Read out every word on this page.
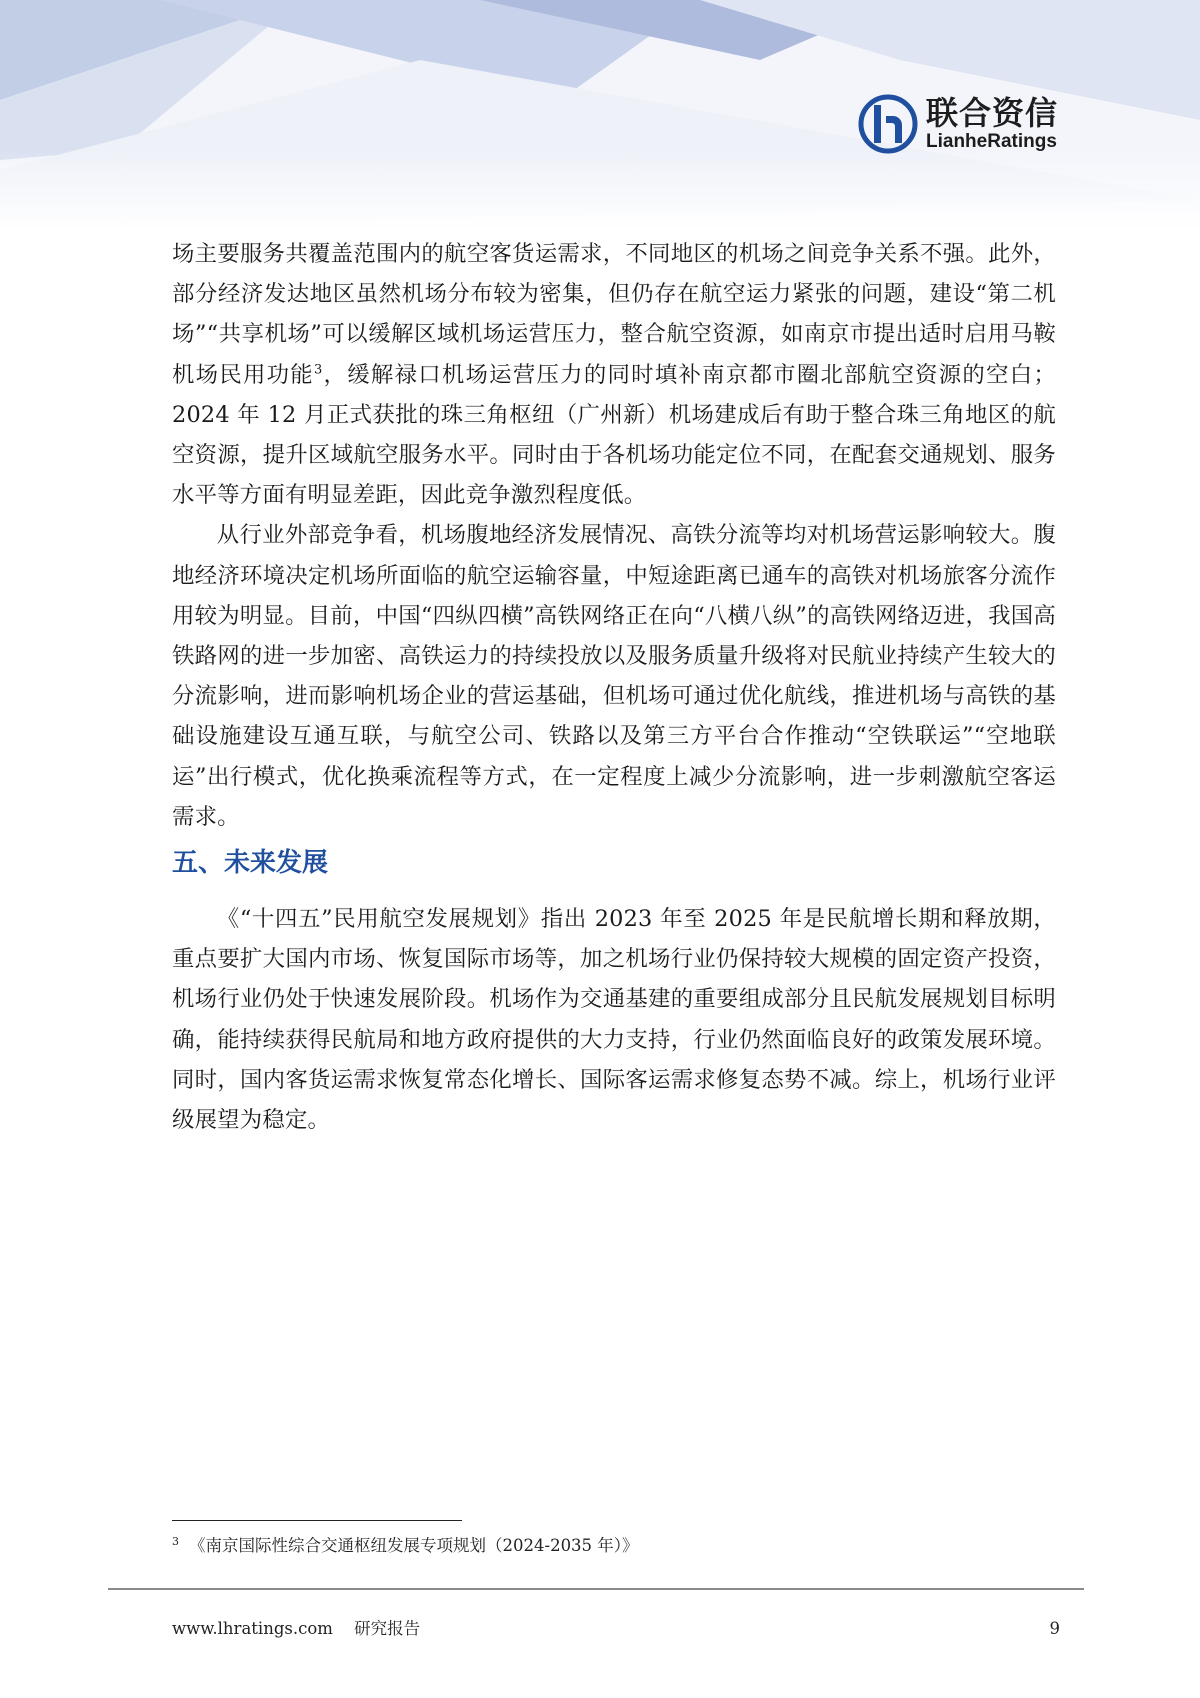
联合资信
LianheRatings

场主要服务共覆盖范围内的航空客货运需求，不同地区的机场之间竞争关系不强。此外，部分经济发达地区虽然机场分布较为密集，但仍存在航空运力紧张的问题，建设“第二机场”“共享机场”可以缓解区域机场运营压力，整合航空资源，如南京市提出适时启用马鞍机场民用功能$^3$，缓解禄口机场运营压力的同时填补南京都市圈北部航空资源的空白；2024 年 12 月正式获批的珠三角枢纽（广州新）机场建成后有助于整合珠三角地区的航空资源，提升区域航空服务水平。同时由于各机场功能定位不同，在配套交通规划、服务水平等方面有明显差距，因此竞争激烈程度低。

从行业外部竞争看，机场腹地经济发展情况、高铁分流等均对机场营运影响较大。腹地经济环境决定机场所面临的航空运输容量，中短途距离已通车的高铁对机场旅客分流作用较为明显。目前，中国“四纵四横”高铁网络正在向“八横八纵”的高铁网络迈进，我国高铁路网的进一步加密、高铁运力的持续投放以及服务质量升级将对民航业持续产生较大的分流影响，进而影响机场企业的营运基础，但机场可通过优化航线，推进机场与高铁的基础设施建设互通互联，与航空公司、铁路以及第三方平台合作推动“空铁联运”“空地联运”出行模式，优化换乘流程等方式，在一定程度上减少分流影响，进一步刺激航空客运需求。

五、未来发展

《“十四五”民用航空发展规划》指出 2023 年至 2025 年是民航增长期和释放期，重点要扩大国内市场、恢复国际市场等，加之机场行业仍保持较大规模的固定资产投资，机场行业仍处于快速发展阶段。机场作为交通基建的重要组成部分且民航发展规划目标明确，能持续获得民航局和地方政府提供的大力支持，行业仍然面临良好的政策发展环境。同时，国内客货运需求恢复常态化增长、国际客运需求修复态势不减。综上，机场行业评级展望为稳定。

$^3$ 《南京国际性综合交通枢纽发展专项规划（2024-2035 年）》
www.lhratings.com 研究报告	9
